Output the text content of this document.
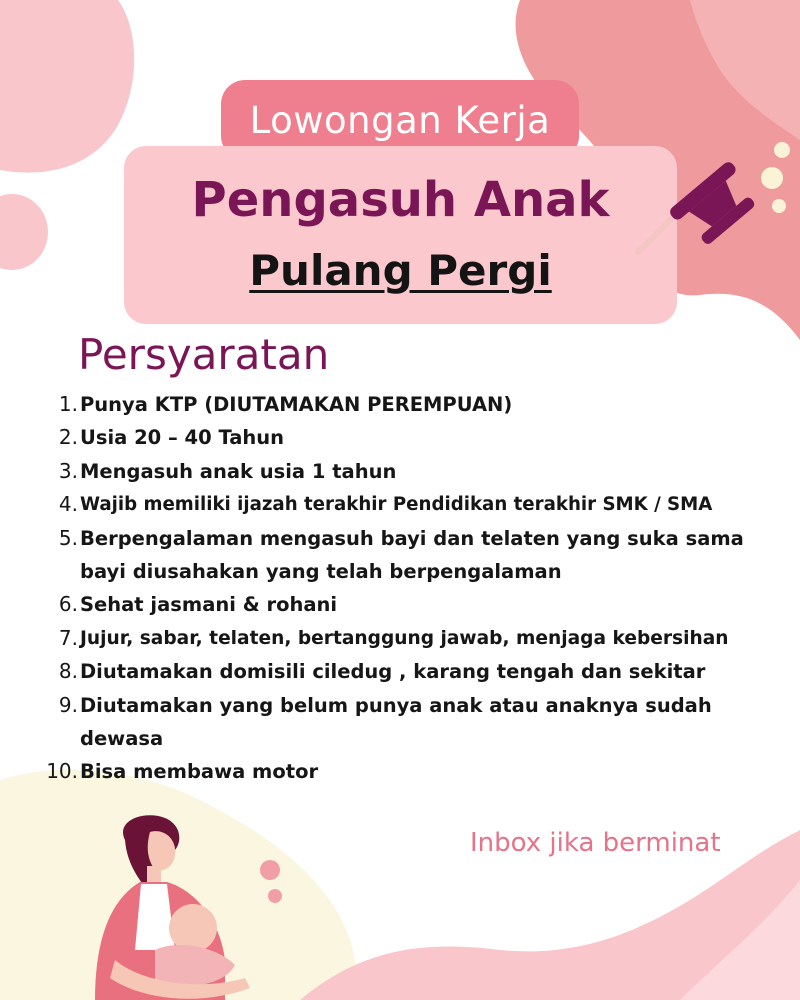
Lowongan Kerja
Pengasuh Anak
Pulang Pergi
Persyaratan
1. Punya KTP (DIUTAMAKAN PEREMPUAN)
2. Usia 20 – 40 Tahun
3. Mengasuh anak usia 1 tahun
4. Wajib memiliki ijazah terakhir Pendidikan terakhir SMK / SMA
5. Berpengalaman mengasuh bayi dan telaten yang suka sama bayi diusahakan yang telah berpengalaman
6. Sehat jasmani & rohani
7. Jujur, sabar, telaten, bertanggung jawab, menjaga kebersihan
8. Diutamakan domisili ciledug , karang tengah dan sekitar
9. Diutamakan yang belum punya anak atau anaknya sudah dewasa
10. Bisa membawa motor
Inbox jika berminat
